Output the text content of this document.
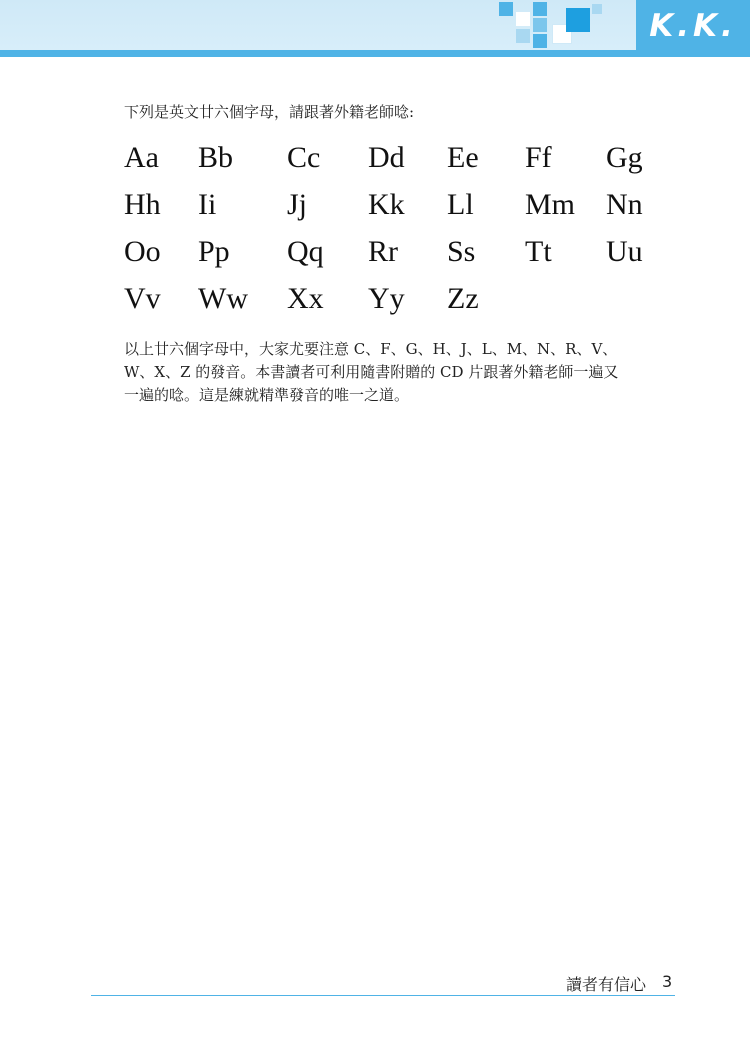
K.K.
下列是英文廿六個字母，請跟著外籍老師唸:
Aa Bb Cc Dd Ee Ff Gg
Hh Ii Jj Kk Ll Mm Nn
Oo Pp Qq Rr Ss Tt Uu
Vv Ww Xx Yy Zz

以上廿六個字母中，大家尤要注意 C、F、G、H、J、L、M、N、R、V、

W、X、Z 的發音。本書讀者可利用隨書附贈的 CD 片跟著外籍老師一遍又

一遍的唸。這是練就精準發音的唯一之道。

讀者有信心 3
